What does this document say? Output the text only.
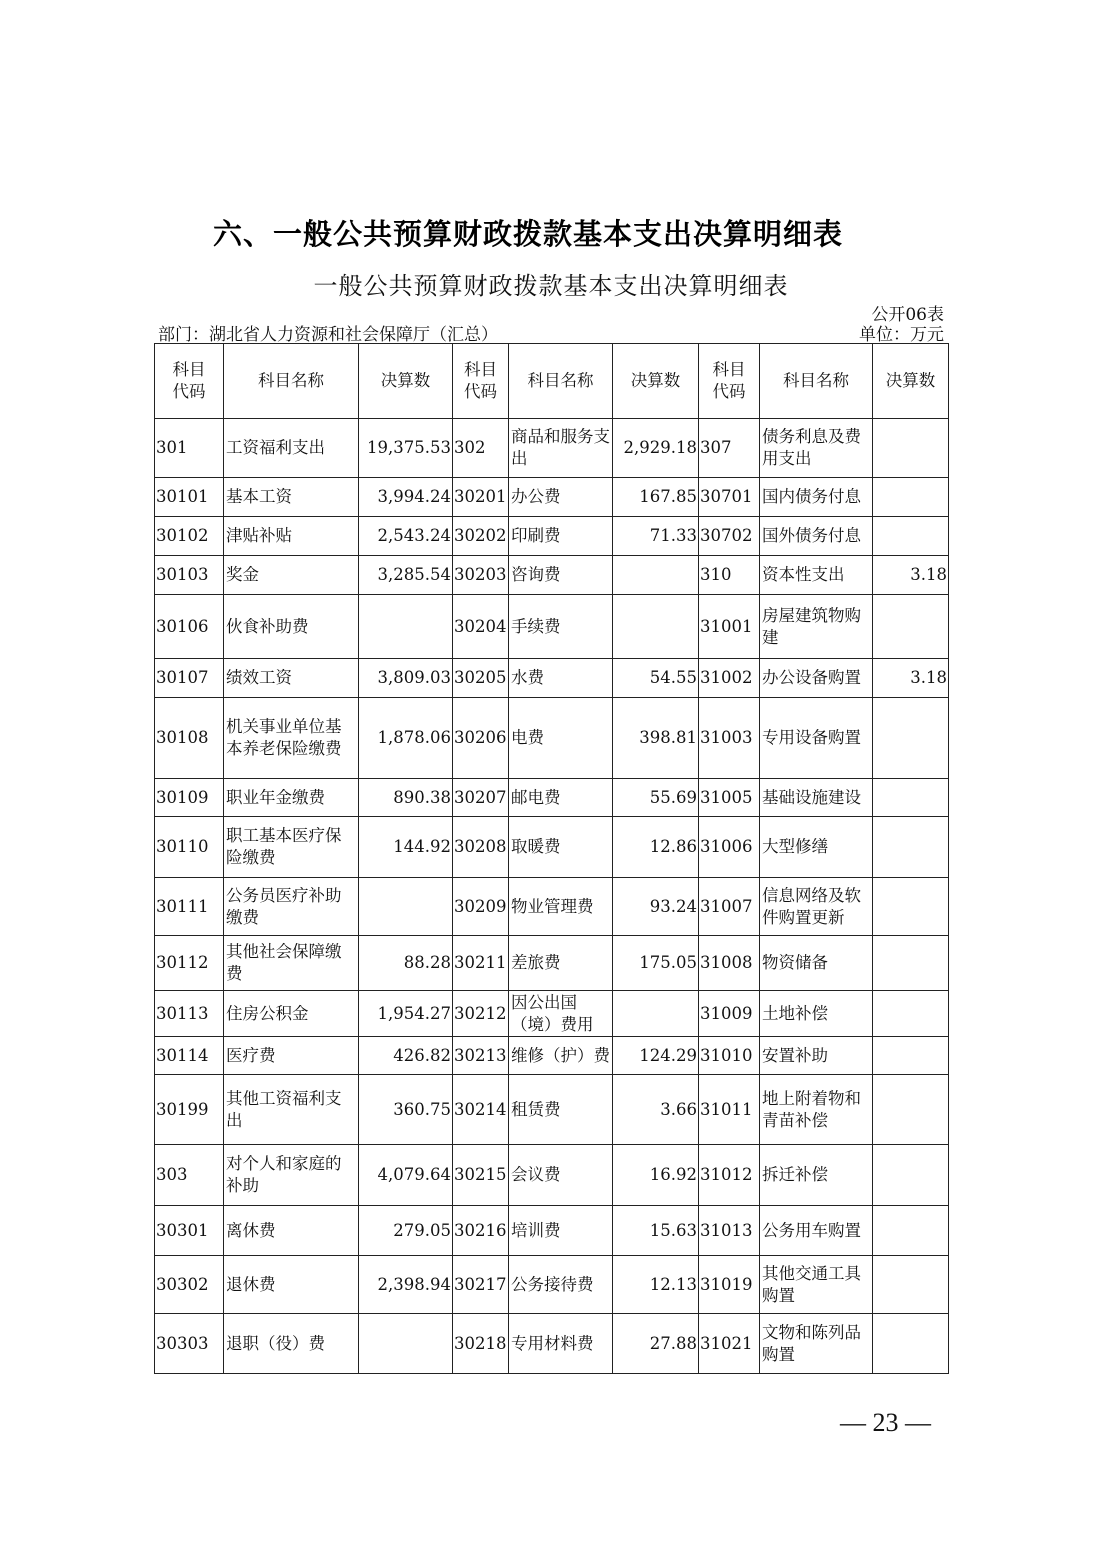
六、一般公共预算财政拨款基本支出决算明细表
一般公共预算财政拨款基本支出决算明细表
公开06表
部门：湖北省人力资源和社会保障厅（汇总）	单位：万元
科目代码	科目名称	决算数	科目代码	科目名称	决算数	科目代码	科目名称	决算数
301	工资福利支出	19,375.53	302	商品和服务支出	2,929.18	307	债务利息及费用支出	
30101	基本工资	3,994.24	30201	办公费	167.85	30701	国内债务付息	
30102	津贴补贴	2,543.24	30202	印刷费	71.33	30702	国外债务付息	
30103	奖金	3,285.54	30203	咨询费		310	资本性支出	3.18
30106	伙食补助费		30204	手续费		31001	房屋建筑物购建	
30107	绩效工资	3,809.03	30205	水费	54.55	31002	办公设备购置	3.18
30108	机关事业单位基本养老保险缴费	1,878.06	30206	电费	398.81	31003	专用设备购置	
30109	职业年金缴费	890.38	30207	邮电费	55.69	31005	基础设施建设	
30110	职工基本医疗保险缴费	144.92	30208	取暖费	12.86	31006	大型修缮	
30111	公务员医疗补助缴费		30209	物业管理费	93.24	31007	信息网络及软件购置更新	
30112	其他社会保障缴费	88.28	30211	差旅费	175.05	31008	物资储备	
30113	住房公积金	1,954.27	30212	因公出国（境）费用		31009	土地补偿	
30114	医疗费	426.82	30213	维修（护）费	124.29	31010	安置补助	
30199	其他工资福利支出	360.75	30214	租赁费	3.66	31011	地上附着物和青苗补偿	
303	对个人和家庭的补助	4,079.64	30215	会议费	16.92	31012	拆迁补偿	
30301	离休费	279.05	30216	培训费	15.63	31013	公务用车购置	
30302	退休费	2,398.94	30217	公务接待费	12.13	31019	其他交通工具购置	
30303	退职（役）费		30218	专用材料费	27.88	31021	文物和陈列品购置	
— 23 —
